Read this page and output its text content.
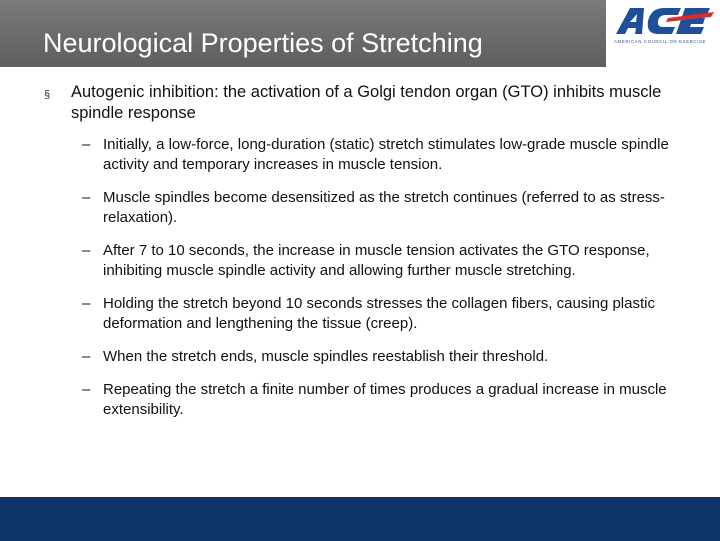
Neurological Properties of Stretching	AMERICAN COUNCIL ON EXERCISE
§ Autogenic inhibition: the activation of a Golgi tendon organ (GTO) inhibits muscle spindle response
– Initially, a low-force, long-duration (static) stretch stimulates low-grade muscle spindle activity and temporary increases in muscle tension.
– Muscle spindles become desensitized as the stretch continues (referred to as stress-relaxation).
– After 7 to 10 seconds, the increase in muscle tension activates the GTO response, inhibiting muscle spindle activity and allowing further muscle stretching.
– Holding the stretch beyond 10 seconds stresses the collagen fibers, causing plastic deformation and lengthening the tissue (creep).
– When the stretch ends, muscle spindles reestablish their threshold.
– Repeating the stretch a finite number of times produces a gradual increase in muscle extensibility.
